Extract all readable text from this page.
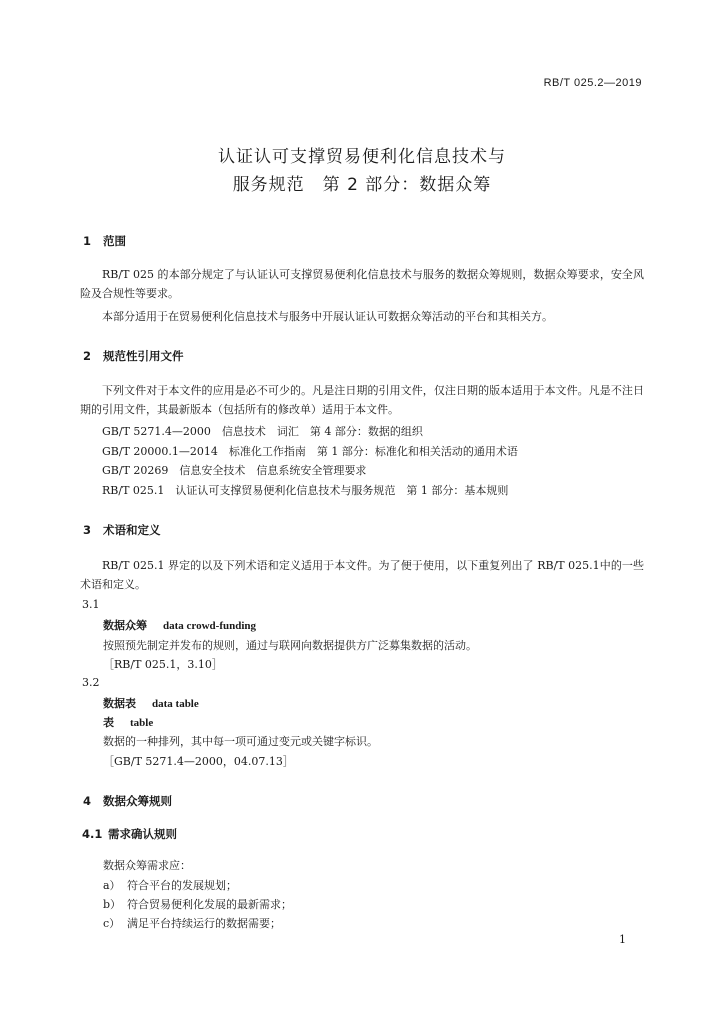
RB/T 025.2—2019
认证认可支撑贸易便利化信息技术与
服务规范　第 2 部分：数据众筹
1 范围
RB/T 025 的本部分规定了与认证认可支撑贸易便利化信息技术与服务的数据众筹规则，数据众筹要求，安全风险及合规性等要求。
本部分适用于在贸易便利化信息技术与服务中开展认证认可数据众筹活动的平台和其相关方。
2 规范性引用文件
下列文件对于本文件的应用是必不可少的。凡是注日期的引用文件，仅注日期的版本适用于本文件。凡是不注日期的引用文件，其最新版本（包括所有的修改单）适用于本文件。
GB/T 5271.4—2000　信息技术　词汇　第 4 部分：数据的组织
GB/T 20000.1—2014　标准化工作指南　第 1 部分：标准化和相关活动的通用术语
GB/T 20269　信息安全技术　信息系统安全管理要求
RB/T 025.1　认证认可支撑贸易便利化信息技术与服务规范　第 1 部分：基本规则
3 术语和定义
RB/T 025.1 界定的以及下列术语和定义适用于本文件。为了便于使用，以下重复列出了 RB/T 025.1中的一些术语和定义。
3.1
数据众筹 data crowd-funding
按照预先制定并发布的规则，通过与联网向数据提供方广泛募集数据的活动。
［RB/T 025.1，3.10］
3.2
数据表 data table
表 table
数据的一种排列，其中每一项可通过变元或关键字标识。
［GB/T 5271.4—2000，04.07.13］
4 数据众筹规则
4.1 需求确认规则
数据众筹需求应：
a） 符合平台的发展规划；
b） 符合贸易便利化发展的最新需求；
c） 满足平台持续运行的数据需要；
1
